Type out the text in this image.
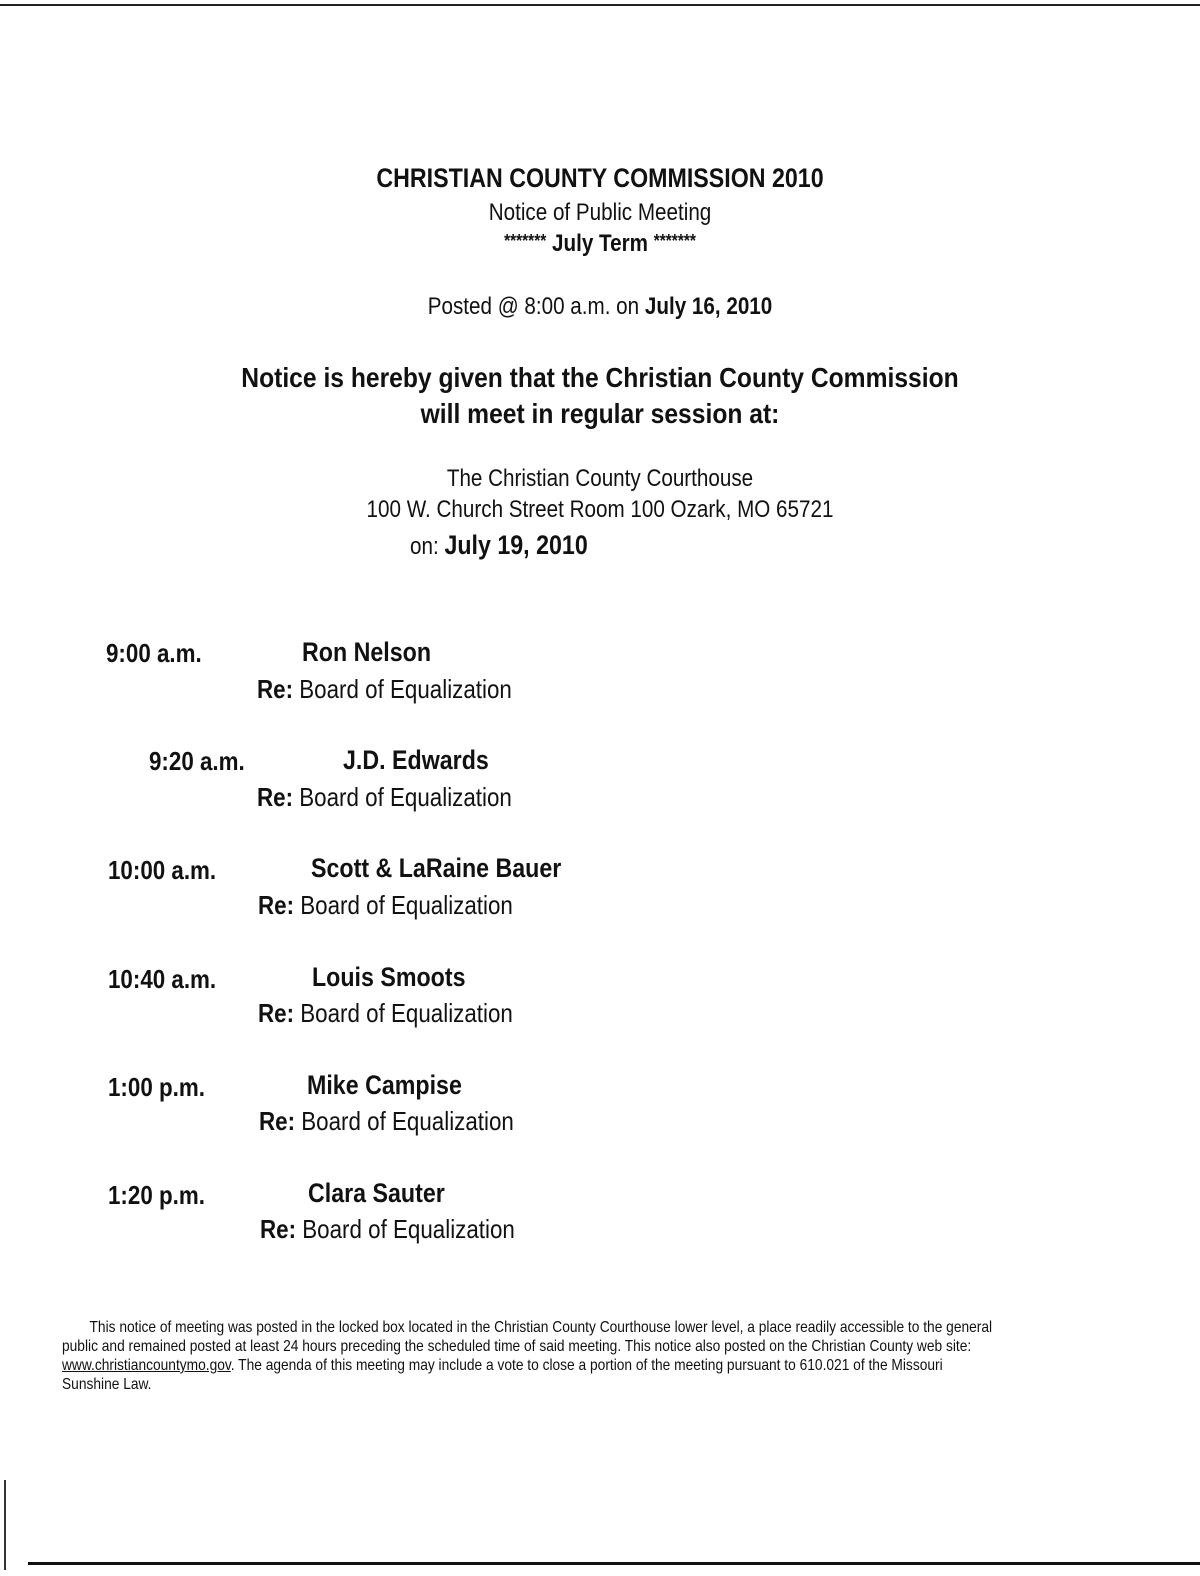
CHRISTIAN COUNTY COMMISSION 2010
Notice of Public Meeting
******* July Term *******
Posted @ 8:00 a.m. on July 16, 2010
Notice is hereby given that the Christian County Commission
will meet in regular session at:
The Christian County Courthouse
100 W. Church Street Room 100 Ozark, MO 65721
on: July 19, 2010
9:00 a.m.	Ron Nelson
Re: Board of Equalization
9:20 a.m.	J.D. Edwards
Re: Board of Equalization
10:00 a.m.	Scott & LaRaine Bauer
Re: Board of Equalization
10:40 a.m.	Louis Smoots
Re: Board of Equalization
1:00 p.m.	Mike Campise
Re: Board of Equalization
1:20 p.m.	Clara Sauter
Re: Board of Equalization
This notice of meeting was posted in the locked box located in the Christian County Courthouse lower level, a place readily accessible to the general
public and remained posted at least 24 hours preceding the scheduled time of said meeting. This notice also posted on the Christian County web site:
www.christiancountymo.gov. The agenda of this meeting may include a vote to close a portion of the meeting pursuant to 610.021 of the Missouri
Sunshine Law.
